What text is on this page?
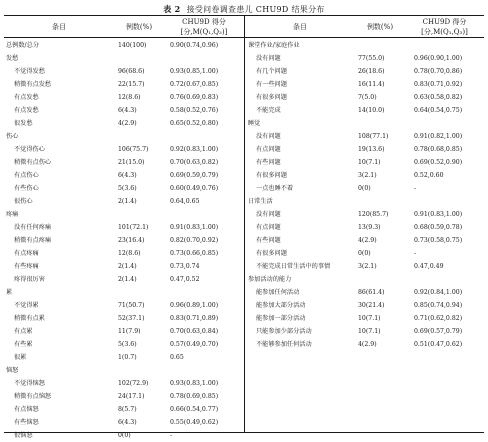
表 2 接受问卷调查患儿 CHU9D 结果分布
条目	例数(%)
CHU9D 得分
[分,M(Q₁,Q₃)]
条目	例数(%)
CHU9D 得分
[分,M(Q₁,Q₃)]
总例数/总分	140(100)	0.90(0.74,0.96)
发愁
不觉得发愁	96(68.6)	0.93(0.85,1.00)
稍微有点发愁	22(15.7)	0.72(0.67,0.85)
有点发愁	12(8.6)	0.76(0.69,0.83)
有点发愁	6(4.3)	0.58(0.52,0.76)
很发愁	4(2.9)	0.65(0.52,0.80)
伤心
不觉得伤心	106(75.7)	0.92(0.83,1.00)
稍微有点伤心	21(15.0)	0.70(0.63,0.82)
有点伤心	6(4.3)	0.69(0.59,0.79)
有些伤心	5(3.6)	0.60(0.49,0.76)
很伤心	2(1.4)	0.64,0.65
疼痛
没有任何疼痛	101(72.1)	0.91(0.83,1.00)
稍微有点疼痛	23(16.4)	0.82(0.70,0.92)
有点疼痛	12(8.6)	0.73(0.66,0.85)
有些疼痛	2(1.4)	0.73,0.74
疼得很厉害	2(1.4)	0.47,0.52
累
不觉得累	71(50.7)	0.96(0.89,1.00)
稍微有点累	52(37.1)	0.83(0.71,0.89)
有点累	11(7.9)	0.70(0.63,0.84)
有些累	5(3.6)	0.57(0.49,0.70)
很累	1(0.7)	0.65
恼怒
不觉得恼怒	102(72.9)	0.93(0.83,1.00)
稍微有点恼怒	24(17.1)	0.78(0.69,0.85)
有点恼怒	8(5.7)	0.66(0.54,0.77)
有些恼怒	6(4.3)	0.55(0.49,0.62)
很恼怒	0(0)	-
课堂作业/家庭作业
没有问题	77(55.0)	0.96(0.90,1.00)
有几个问题	26(18.6)	0.78(0.70,0.86)
有一些问题	16(11.4)	0.83(0.71,0.92)
有很多问题	7(5.0)	0.63(0.58,0.82)
不能完成	14(10.0)	0.64(0.54,0.75)
睡觉
没有问题	108(77.1)	0.91(0.82,1.00)
有点问题	19(13.6)	0.78(0.68,0.85)
有些问题	10(7.1)	0.69(0.52,0.90)
有很多问题	3(2.1)	0.52,0.60
一点也睡不着	0(0)	-
日常生活
没有问题	120(85.7)	0.91(0.83,1.00)
有点问题	13(9.3)	0.68(0.59,0.78)
有些问题	4(2.9)	0.73(0.58,0.75)
有很多问题	0(0)	-
不能完成日常生活中的事情	3(2.1)	0.47,0.49
参加活动的能力
能参加任何活动	86(61.4)	0.92(0.84,1.00)
能参加大部分活动	30(21.4)	0.85(0.74,0.94)
能参加一部分活动	10(7.1)	0.71(0.62,0.82)
只能参加少部分活动	10(7.1)	0.69(0.57,0.79)
不能够参加任何活动	4(2.9)	0.51(0.47,0.62)
